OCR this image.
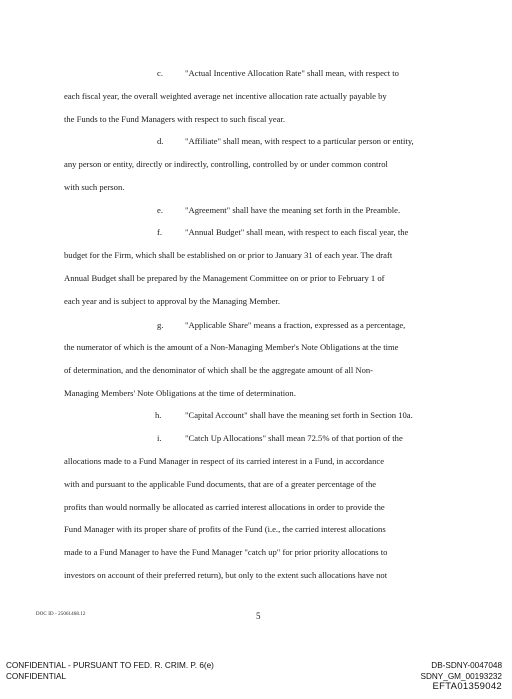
c.	"Actual Incentive Allocation Rate" shall mean, with respect to
each fiscal year, the overall weighted average net incentive allocation rate actually payable by
the Funds to the Fund Managers with respect to such fiscal year.
d.	"Affiliate" shall mean, with respect to a particular person or entity,
any person or entity, directly or indirectly, controlling, controlled by or under common control
with such person.
e.	"Agreement" shall have the meaning set forth in the Preamble.
f.	"Annual Budget" shall mean, with respect to each fiscal year, the
budget for the Firm, which shall be established on or prior to January 31 of each year. The draft
Annual Budget shall be prepared by the Management Committee on or prior to February 1 of
each year and is subject to approval by the Managing Member.
g.	"Applicable Share" means a fraction, expressed as a percentage,
the numerator of which is the amount of a Non-Managing Member's Note Obligations at the time
of determination, and the denominator of which shall be the aggregate amount of all Non-
Managing Members' Note Obligations at the time of determination.
h.	"Capital Account" shall have the meaning set forth in Section 10a.
i.	"Catch Up Allocations" shall mean 72.5% of that portion of the
allocations made to a Fund Manager in respect of its carried interest in a Fund, in accordance
with and pursuant to the applicable Fund documents, that are of a greater percentage of the
profits than would normally be allocated as carried interest allocations in order to provide the
Fund Manager with its proper share of profits of the Fund (i.e., the carried interest allocations
made to a Fund Manager to have the Fund Manager "catch up" for prior priority allocations to
investors on account of their preferred return), but only to the extent such allocations have not
DOC ID - 25061468.12	5
CONFIDENTIAL - PURSUANT TO FED. R. CRIM. P. 6(e)
CONFIDENTIAL
DB-SDNY-0047048
SDNY_GM_00193232
EFTA01359042
